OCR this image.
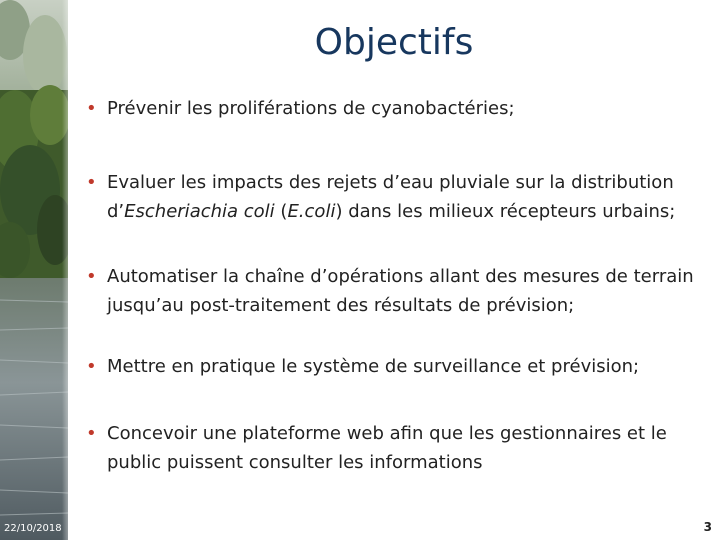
Objectifs
• Prévenir les proliférations de cyanobactéries;
• Evaluer les impacts des rejets d’eau pluviale sur la distribution d’Escheriachia coli (E.coli) dans les milieux récepteurs urbains;
• Automatiser la chaîne d’opérations allant des mesures de terrain jusqu’au post-traitement des résultats de prévision;
• Mettre en pratique le système de surveillance et prévision;
• Concevoir une plateforme web afin que les gestionnaires et le public puissent consulter les informations
22/10/2018	3
